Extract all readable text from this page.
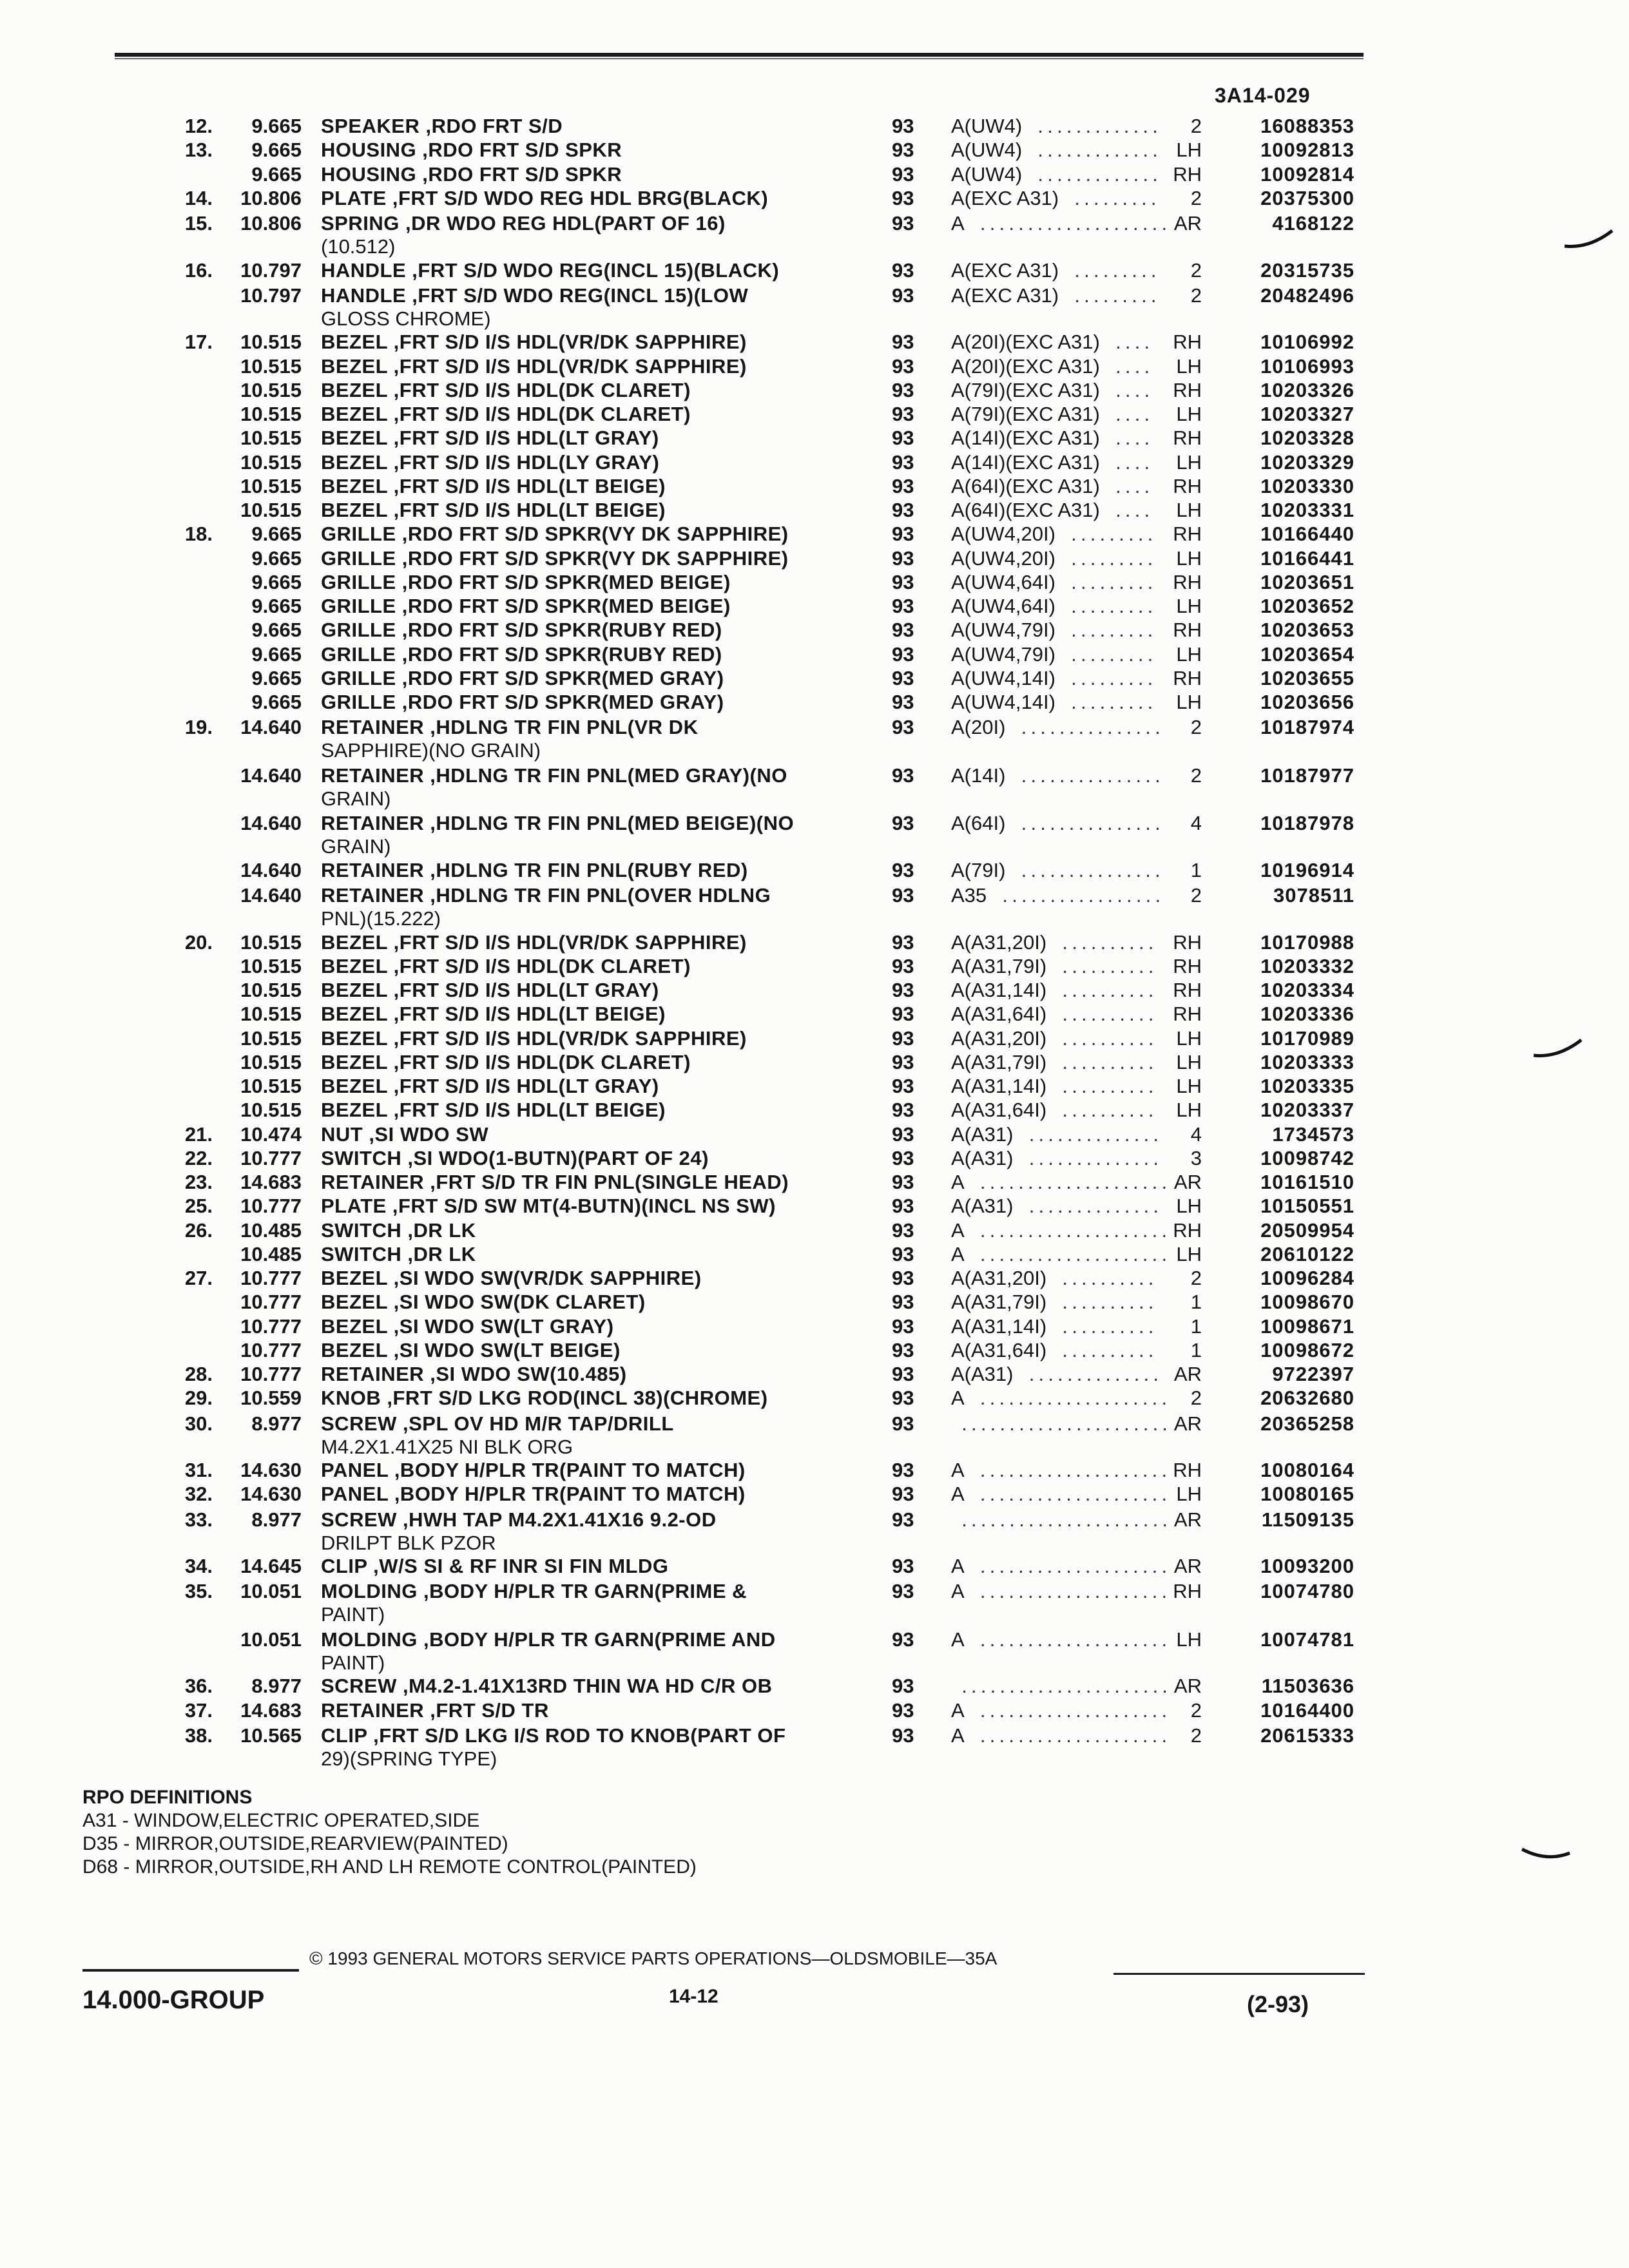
3A14-029
12.	9.665 SPEAKER ,RDO FRT S/D	93 A(UW4)  . . . . . . . . . . . . .	2	16088353
13.	9.665 HOUSING ,RDO FRT S/D SPKR	93 A(UW4)  . . . . . . . . . . . . . LH	10092813
9.665 HOUSING ,RDO FRT S/D SPKR	93 A(UW4)  . . . . . . . . . . . . . RH	10092814
14.	10.806 PLATE ,FRT S/D WDO REG HDL BRG(BLACK)	93 A(EXC A31)  . . . . . . . . .	2	20375300
15.	10.806 SPRING ,DR WDO REG HDL(PART OF 16)
(10.512)
93 A  . . . . . . . . . . . . . . . . . . . . AR	4168122
16.	10.797 HANDLE ,FRT S/D WDO REG(INCL 15)(BLACK)	93 A(EXC A31)  . . . . . . . . .	2	20315735
10.797 HANDLE ,FRT S/D WDO REG(INCL 15)(LOW
GLOSS CHROME)
93 A(EXC A31)  . . . . . . . . .	2	20482496
17.	10.515 BEZEL ,FRT S/D I/S HDL(VR/DK SAPPHIRE)	93 A(20I)(EXC A31)  . . . .	RH	10106992
10.515 BEZEL ,FRT S/D I/S HDL(VR/DK SAPPHIRE)	93 A(20I)(EXC A31)  . . . .	LH	10106993
10.515 BEZEL ,FRT S/D I/S HDL(DK CLARET)	93 A(79I)(EXC A31)  . . . .	RH	10203326
10.515 BEZEL ,FRT S/D I/S HDL(DK CLARET)	93 A(79I)(EXC A31)  . . . .	LH	10203327
10.515 BEZEL ,FRT S/D I/S HDL(LT GRAY)	93 A(14I)(EXC A31)  . . . .	RH	10203328
10.515 BEZEL ,FRT S/D I/S HDL(LY GRAY)	93 A(14I)(EXC A31)  . . . .	LH	10203329
10.515 BEZEL ,FRT S/D I/S HDL(LT BEIGE)	93 A(64I)(EXC A31)  . . . .	RH	10203330
10.515 BEZEL ,FRT S/D I/S HDL(LT BEIGE)	93 A(64I)(EXC A31)  . . . .	LH	10203331
18.	9.665 GRILLE ,RDO FRT S/D SPKR(VY DK SAPPHIRE)	93 A(UW4,20I)  . . . . . . . . . RH	10166440
9.665 GRILLE ,RDO FRT S/D SPKR(VY DK SAPPHIRE)	93 A(UW4,20I)  . . . . . . . . .	LH	10166441
9.665 GRILLE ,RDO FRT S/D SPKR(MED BEIGE)	93 A(UW4,64I)  . . . . . . . . . RH	10203651
9.665 GRILLE ,RDO FRT S/D SPKR(MED BEIGE)	93 A(UW4,64I)  . . . . . . . . .	LH	10203652
9.665 GRILLE ,RDO FRT S/D SPKR(RUBY RED)	93 A(UW4,79I)  . . . . . . . . . RH	10203653
9.665 GRILLE ,RDO FRT S/D SPKR(RUBY RED)	93 A(UW4,79I)  . . . . . . . . .	LH	10203654
9.665 GRILLE ,RDO FRT S/D SPKR(MED GRAY)	93 A(UW4,14I)  . . . . . . . . . RH	10203655
9.665 GRILLE ,RDO FRT S/D SPKR(MED GRAY)	93 A(UW4,14I)  . . . . . . . . .	LH	10203656
19.	14.640 RETAINER ,HDLNG TR FIN PNL(VR DK
SAPPHIRE)(NO GRAIN)
93 A(20I)  . . . . . . . . . . . . . . .	2	10187974
14.640 RETAINER ,HDLNG TR FIN PNL(MED GRAY)(NO
GRAIN)
93 A(14I)  . . . . . . . . . . . . . . .	2	10187977
14.640 RETAINER ,HDLNG TR FIN PNL(MED BEIGE)(NO
GRAIN)
93 A(64I)  . . . . . . . . . . . . . . .	4	10187978
14.640 RETAINER ,HDLNG TR FIN PNL(RUBY RED)	93 A(79I)  . . . . . . . . . . . . . . .	1	10196914
14.640 RETAINER ,HDLNG TR FIN PNL(OVER HDLNG
PNL)(15.222)
93 A35  . . . . . . . . . . . . . . . . .	2	3078511
20.	10.515 BEZEL ,FRT S/D I/S HDL(VR/DK SAPPHIRE)	93 A(A31,20I)  . . . . . . . . . . RH	10170988
10.515 BEZEL ,FRT S/D I/S HDL(DK CLARET)	93 A(A31,79I)  . . . . . . . . . . RH	10203332
10.515 BEZEL ,FRT S/D I/S HDL(LT GRAY)	93 A(A31,14I)  . . . . . . . . . . RH	10203334
10.515 BEZEL ,FRT S/D I/S HDL(LT BEIGE)	93 A(A31,64I)  . . . . . . . . . . RH	10203336
10.515 BEZEL ,FRT S/D I/S HDL(VR/DK SAPPHIRE)	93 A(A31,20I)  . . . . . . . . . .	LH	10170989
10.515 BEZEL ,FRT S/D I/S HDL(DK CLARET)	93 A(A31,79I)  . . . . . . . . . .	LH	10203333
10.515 BEZEL ,FRT S/D I/S HDL(LT GRAY)	93 A(A31,14I)  . . . . . . . . . .	LH	10203335
10.515 BEZEL ,FRT S/D I/S HDL(LT BEIGE)	93 A(A31,64I)  . . . . . . . . . .	LH	10203337
21.	10.474 NUT ,SI WDO SW	93 A(A31)  . . . . . . . . . . . . . .	4	1734573
22.	10.777 SWITCH ,SI WDO(1-BUTN)(PART OF 24)	93 A(A31)  . . . . . . . . . . . . . .	3	10098742
23.	14.683 RETAINER ,FRT S/D TR FIN PNL(SINGLE HEAD)	93 A  . . . . . . . . . . . . . . . . . . . . AR	10161510
25.	10.777 PLATE ,FRT S/D SW MT(4-BUTN)(INCL NS SW)	93 A(A31)  . . . . . . . . . . . . . . LH	10150551
26.	10.485 SWITCH ,DR LK	93 A  . . . . . . . . . . . . . . . . . . . . RH	20509954
10.485 SWITCH ,DR LK	93 A  . . . . . . . . . . . . . . . . . . . . LH	20610122
27.	10.777 BEZEL ,SI WDO SW(VR/DK SAPPHIRE)	93 A(A31,20I)  . . . . . . . . . .	2	10096284
10.777 BEZEL ,SI WDO SW(DK CLARET)	93 A(A31,79I)  . . . . . . . . . .	1	10098670
10.777 BEZEL ,SI WDO SW(LT GRAY)	93 A(A31,14I)  . . . . . . . . . .	1	10098671
10.777 BEZEL ,SI WDO SW(LT BEIGE)	93 A(A31,64I)  . . . . . . . . . .	1	10098672
28.	10.777 RETAINER ,SI WDO SW(10.485)	93 A(A31)  . . . . . . . . . . . . . . AR	9722397
29.	10.559 KNOB ,FRT S/D LKG ROD(INCL 38)(CHROME)	93 A  . . . . . . . . . . . . . . . . . . . .	2	20632680
30.	8.977 SCREW ,SPL OV HD M/R TAP/DRILL
M4.2X1.41X25 NI BLK ORG
93  . . . . . . . . . . . . . . . . . . . . . . AR	20365258
31.	14.630 PANEL ,BODY H/PLR TR(PAINT TO MATCH)	93 A  . . . . . . . . . . . . . . . . . . . . RH	10080164
32.	14.630 PANEL ,BODY H/PLR TR(PAINT TO MATCH)	93 A  . . . . . . . . . . . . . . . . . . . . LH	10080165
33.	8.977 SCREW ,HWH TAP M4.2X1.41X16 9.2-OD
DRILPT BLK PZOR
93  . . . . . . . . . . . . . . . . . . . . . . AR	11509135
34.	14.645 CLIP ,W/S SI & RF INR SI FIN MLDG	93 A  . . . . . . . . . . . . . . . . . . . . AR	10093200
35.	10.051 MOLDING ,BODY H/PLR TR GARN(PRIME &
PAINT)
93 A  . . . . . . . . . . . . . . . . . . . . RH	10074780
10.051 MOLDING ,BODY H/PLR TR GARN(PRIME AND
PAINT)
93 A  . . . . . . . . . . . . . . . . . . . . LH	10074781
36.	8.977 SCREW ,M4.2-1.41X13RD THIN WA HD C/R OB	93  . . . . . . . . . . . . . . . . . . . . . . AR	11503636
37.	14.683 RETAINER ,FRT S/D TR	93 A  . . . . . . . . . . . . . . . . . . . .	2	10164400
38.	10.565 CLIP ,FRT S/D LKG I/S ROD TO KNOB(PART OF
29)(SPRING TYPE)
93 A  . . . . . . . . . . . . . . . . . . . .	2	20615333
RPO DEFINITIONS
A31 - WINDOW,ELECTRIC OPERATED,SIDE
D35 - MIRROR,OUTSIDE,REARVIEW(PAINTED)
D68 - MIRROR,OUTSIDE,RH AND LH REMOTE CONTROL(PAINTED)
© 1993 GENERAL MOTORS SERVICE PARTS OPERATIONS—OLDSMOBILE—35A
14.000-GROUP	14-12	(2-93)
